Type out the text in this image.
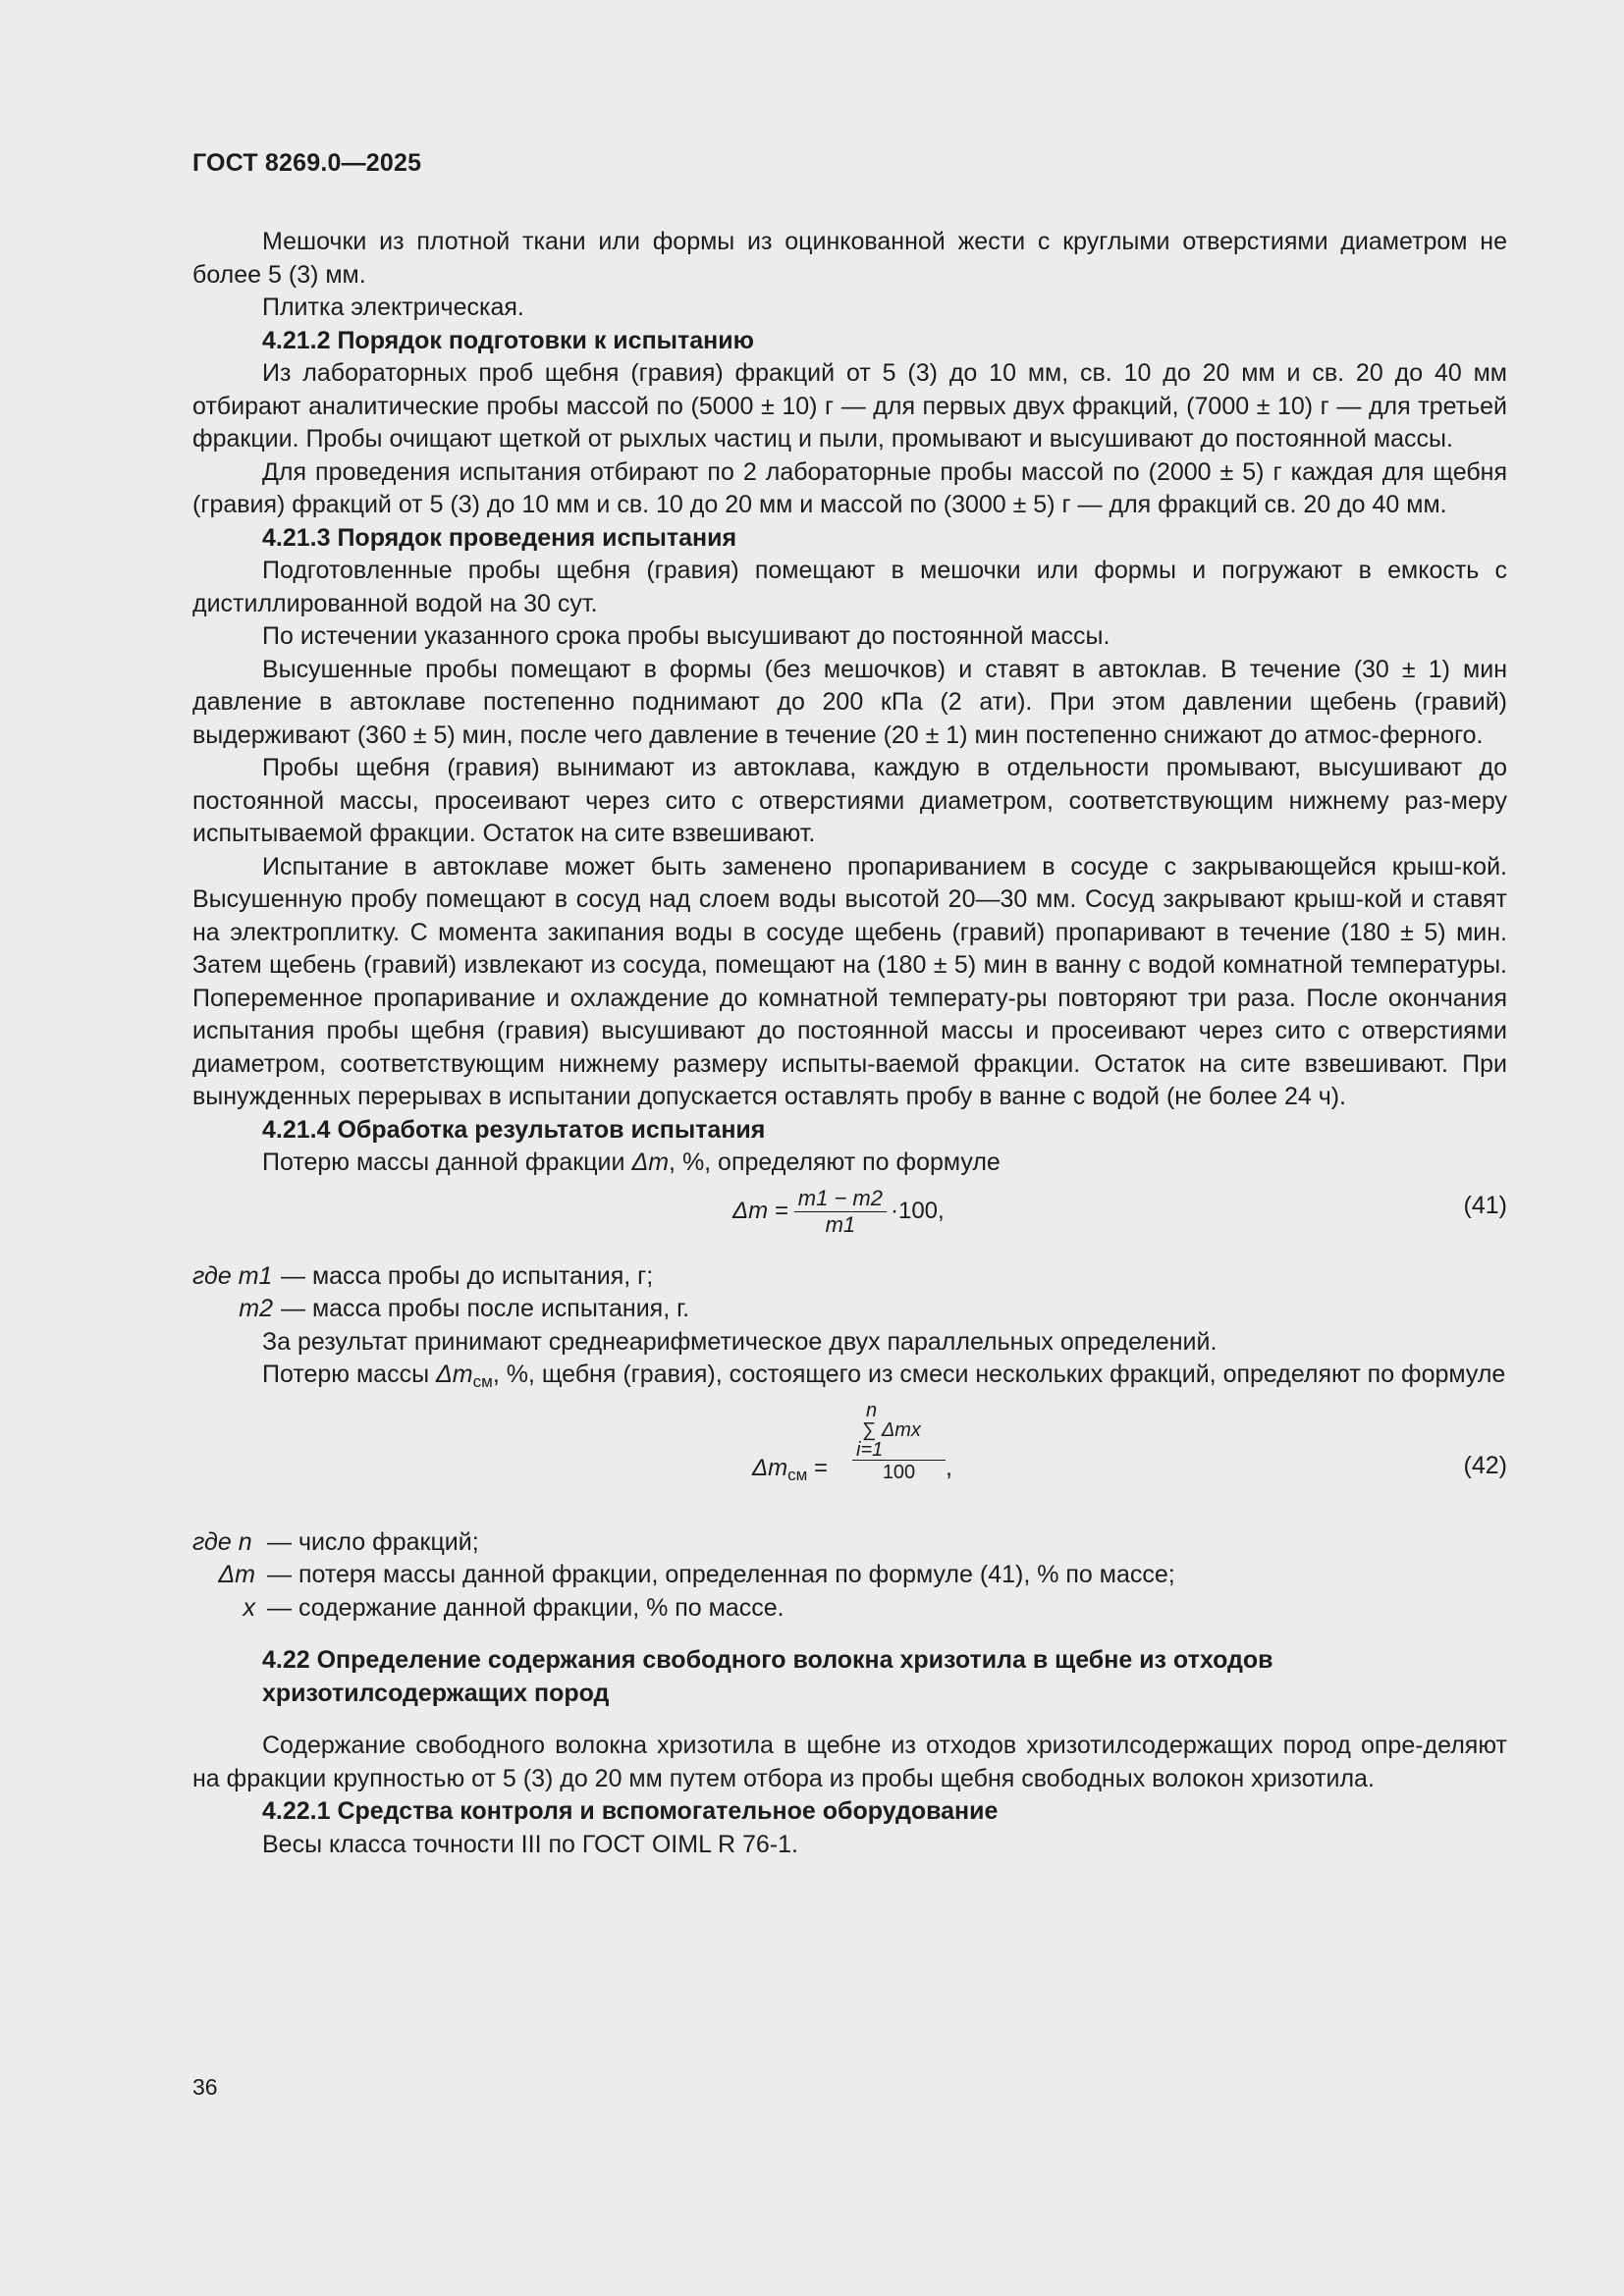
ГОСТ 8269.0—2025

Мешочки из плотной ткани или формы из оцинкованной жести с круглыми отверстиями диаметром не более 5 (3) мм.

Плитка электрическая.

4.21.2 Порядок подготовки к испытанию

Из лабораторных проб щебня (гравия) фракций от 5 (3) до 10 мм, св. 10 до 20 мм и св. 20 до 40 мм отбирают аналитические пробы массой по (5000 ± 10) г — для первых двух фракций, (7000 ± 10) г — для третьей фракции. Пробы очищают щеткой от рыхлых частиц и пыли, промывают и высушивают до постоянной массы.

Для проведения испытания отбирают по 2 лабораторные пробы массой по (2000 ± 5) г каждая для щебня (гравия) фракций от 5 (3) до 10 мм и св. 10 до 20 мм и массой по (3000 ± 5) г — для фракций св. 20 до 40 мм.

4.21.3 Порядок проведения испытания

Подготовленные пробы щебня (гравия) помещают в мешочки или формы и погружают в емкость с дистиллированной водой на 30 сут.

По истечении указанного срока пробы высушивают до постоянной массы.

Высушенные пробы помещают в формы (без мешочков) и ставят в автоклав. В течение (30 ± 1) мин давление в автоклаве постепенно поднимают до 200 кПа (2 ати). При этом давлении щебень (гравий) выдерживают (360 ± 5) мин, после чего давление в течение (20 ± 1) мин постепенно снижают до атмос-ферного.

Пробы щебня (гравия) вынимают из автоклава, каждую в отдельности промывают, высушивают до постоянной массы, просеивают через сито с отверстиями диаметром, соответствующим нижнему раз-меру испытываемой фракции. Остаток на сите взвешивают.

Испытание в автоклаве может быть заменено пропариванием в сосуде с закрывающейся крыш-кой. Высушенную пробу помещают в сосуд над слоем воды высотой 20—30 мм. Сосуд закрывают крыш-кой и ставят на электроплитку. С момента закипания воды в сосуде щебень (гравий) пропаривают в течение (180 ± 5) мин. Затем щебень (гравий) извлекают из сосуда, помещают на (180 ± 5) мин в ванну с водой комнатной температуры. Попеременное пропаривание и охлаждение до комнатной температу-ры повторяют три раза. После окончания испытания пробы щебня (гравия) высушивают до постоянной массы и просеивают через сито с отверстиями диаметром, соответствующим нижнему размеру испыты-ваемой фракции. Остаток на сите взвешивают. При вынужденных перерывах в испытании допускается оставлять пробу в ванне с водой (не более 24 ч).

4.21.4 Обработка результатов испытания

Потерю массы данной фракции Δm, %, определяют по формуле

$\Delta m = \frac{m1 - m2}{m1} \cdot 100$,	(41)
где m1 — масса пробы до испытания, г;
m2 — масса пробы после испытания, г.

За результат принимают среднеарифметическое двух параллельных определений.

Потерю массы $\Delta m_{см}$, %, щебня (гравия), состоящего из смеси нескольких фракций, определяют по формуле

$\Delta m_{см}$ =
n
∑ Δmx
i=1
100	,	(42)
где n — число фракций;
Δm — потеря массы данной фракции, определенная по формуле (41), % по массе;
x — содержание данной фракции, % по массе.

4.22 Определение содержания свободного волокна хризотила в щебне из отходов
хризотилсодержащих пород

Содержание свободного волокна хризотила в щебне из отходов хризотилсодержащих пород опре-деляют на фракции крупностью от 5 (3) до 20 мм путем отбора из пробы щебня свободных волокон хризотила.

4.22.1 Средства контроля и вспомогательное оборудование

Весы класса точности III по ГОСТ OIML R 76-1.

36
